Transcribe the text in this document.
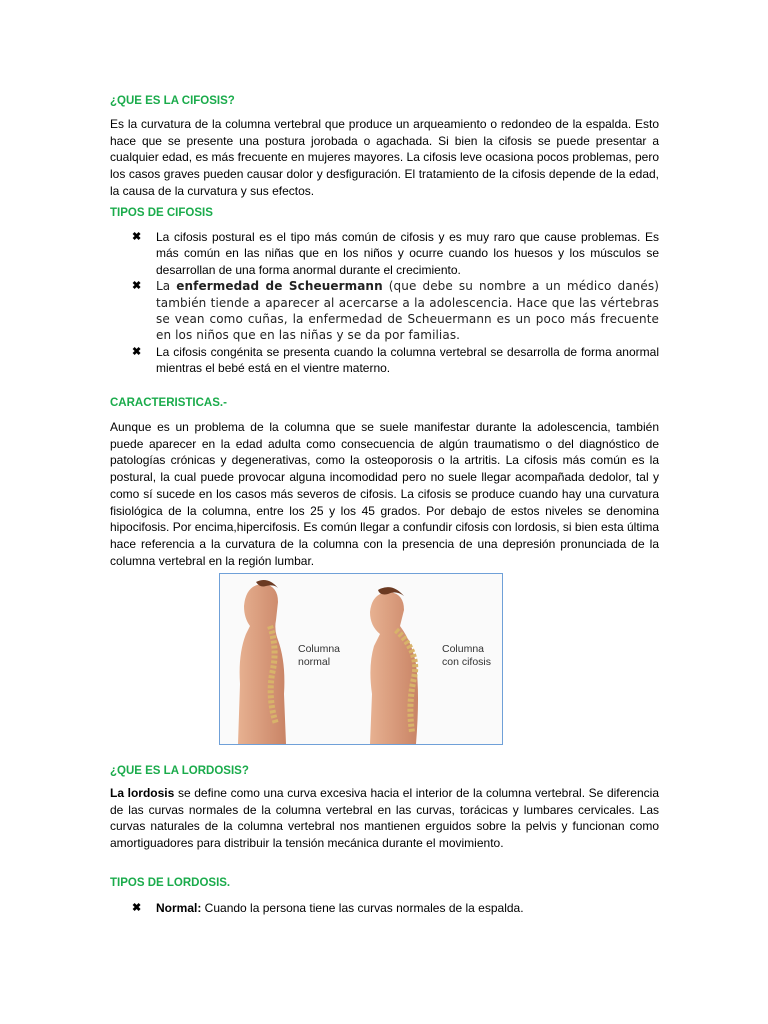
¿QUE ES LA CIFOSIS?
Es la curvatura de la columna vertebral que produce un arqueamiento o redondeo de la espalda. Esto hace que se presente una postura jorobada o agachada. Si bien la cifosis se puede presentar a cualquier edad, es más frecuente en mujeres mayores. La cifosis leve ocasiona pocos problemas, pero los casos graves pueden causar dolor y desfiguración. El tratamiento de la cifosis depende de la edad, la causa de la curvatura y sus efectos.
TIPOS DE CIFOSIS
✖ La cifosis postural es el tipo más común de cifosis y es muy raro que cause problemas. Es más común en las niñas que en los niños y ocurre cuando los huesos y los músculos se desarrollan de una forma anormal durante el crecimiento.
✖ La enfermedad de Scheuermann (que debe su nombre a un médico danés) también tiende a aparecer al acercarse a la adolescencia. Hace que las vértebras se vean como cuñas, la enfermedad de Scheuermann es un poco más frecuente en los niños que en las niñas y se da por familias.
✖ La cifosis congénita se presenta cuando la columna vertebral se desarrolla de forma anormal mientras el bebé está en el vientre materno.
CARACTERISTICAS.-
Aunque es un problema de la columna que se suele manifestar durante la adolescencia, también puede aparecer en la edad adulta como consecuencia de algún traumatismo o del diagnóstico de patologías crónicas y degenerativas, como la osteoporosis o la artritis. La cifosis más común es la postural, la cual puede provocar alguna incomodidad pero no suele llegar acompañada dedolor, tal y como sí sucede en los casos más severos de cifosis. La cifosis se produce cuando hay una curvatura fisiológica de la columna, entre los 25 y los 45 grados. Por debajo de estos niveles se denomina hipocifosis. Por encima,hipercifosis. Es común llegar a confundir cifosis con lordosis, si bien esta última hace referencia a la curvatura de la columna con la presencia de una depresión pronunciada de la columna vertebral en la región lumbar.
¿QUE ES LA LORDOSIS?
La lordosis se define como una curva excesiva hacia el interior de la columna vertebral. Se diferencia de las curvas normales de la columna vertebral en las curvas, torácicas y lumbares cervicales. Las curvas naturales de la columna vertebral nos mantienen erguidos sobre la pelvis y funcionan como amortiguadores para distribuir la tensión mecánica durante el movimiento.
TIPOS DE LORDOSIS.
✖ Normal: Cuando la persona tiene las curvas normales de la espalda.
Columna
normal
Columna
con cifosis
